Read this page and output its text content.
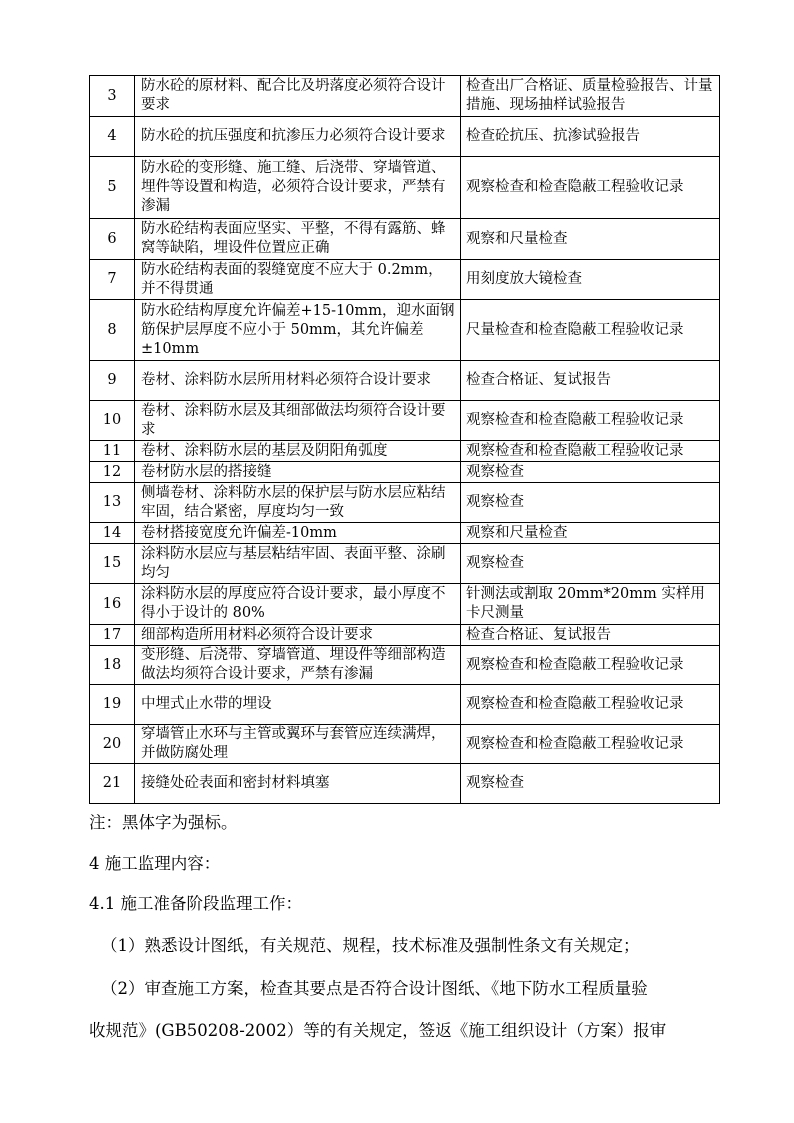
3	防水砼的原材料、配合比及坍落度必须符合设计要求	检查出厂合格证、质量检验报告、计量措施、现场抽样试验报告
4	防水砼的抗压强度和抗渗压力必须符合设计要求	检查砼抗压、抗渗试验报告
5	防水砼的变形缝、施工缝、后浇带、穿墙管道、埋件等设置和构造，必须符合设计要求，严禁有渗漏	观察检查和检查隐蔽工程验收记录
6	防水砼结构表面应坚实、平整，不得有露筋、蜂窝等缺陷，埋设件位置应正确	观察和尺量检查
7	防水砼结构表面的裂缝宽度不应大于 0.2mm，并不得贯通	用刻度放大镜检查
8	防水砼结构厚度允许偏差+15-10mm，迎水面钢筋保护层厚度不应小于 50mm，其允许偏差±10mm	尺量检查和检查隐蔽工程验收记录
9	卷材、涂料防水层所用材料必须符合设计要求	检查合格证、复试报告
10	卷材、涂料防水层及其细部做法均须符合设计要求	观察检查和检查隐蔽工程验收记录
11	卷材、涂料防水层的基层及阴阳角弧度	观察检查和检查隐蔽工程验收记录
12	卷材防水层的搭接缝	观察检查
13	侧墙卷材、涂料防水层的保护层与防水层应粘结牢固，结合紧密，厚度均匀一致	观察检查
14	卷材搭接宽度允许偏差-10mm	观察和尺量检查
15	涂料防水层应与基层粘结牢固、表面平整、涂刷均匀	观察检查
16	涂料防水层的厚度应符合设计要求，最小厚度不得小于设计的 80%	针测法或割取 20mm*20mm 实样用卡尺测量
17	细部构造所用材料必须符合设计要求	检查合格证、复试报告
18	变形缝、后浇带、穿墙管道、埋设件等细部构造做法均须符合设计要求，严禁有渗漏	观察检查和检查隐蔽工程验收记录
19	中埋式止水带的埋设	观察检查和检查隐蔽工程验收记录
20	穿墙管止水环与主管或翼环与套管应连续满焊，并做防腐处理	观察检查和检查隐蔽工程验收记录
21	接缝处砼表面和密封材料填塞	观察检查
注：黑体字为强标。
4 施工监理内容：
4.1 施工准备阶段监理工作：
（1）熟悉设计图纸，有关规范、规程，技术标准及强制性条文有关规定；
（2）审查施工方案，检查其要点是否符合设计图纸、《地下防水工程质量验
收规范》(GB50208-2002）等的有关规定，签返《施工组织设计（方案）报审
